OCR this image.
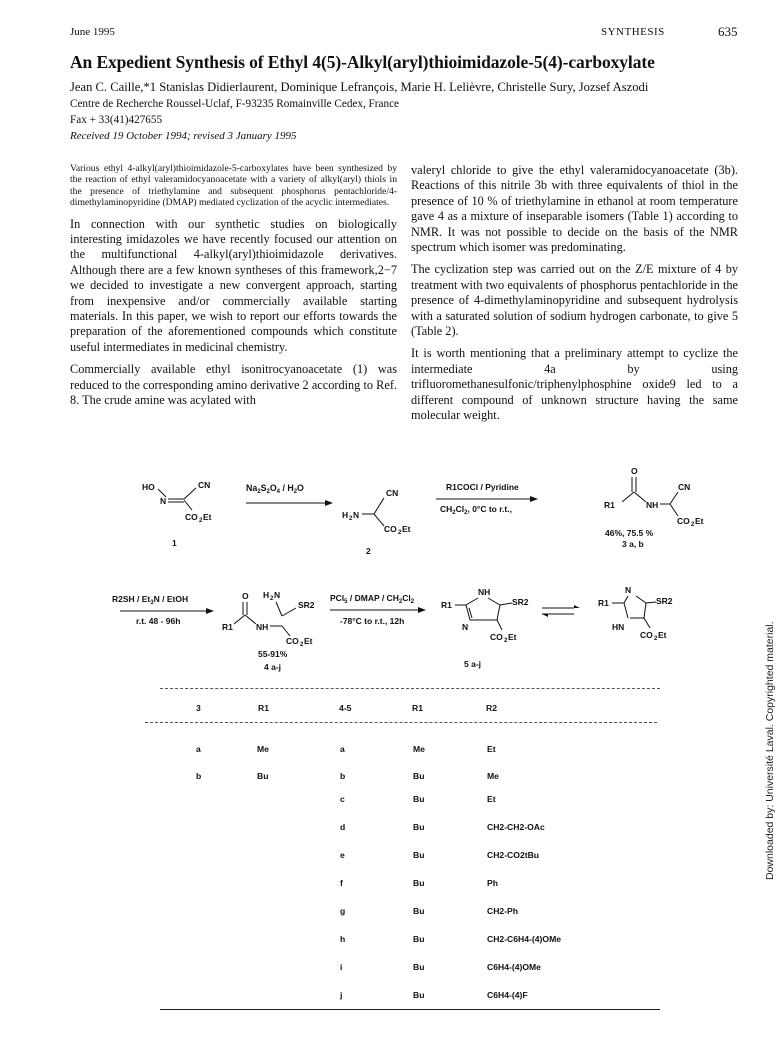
June 1995	SYNTHESIS	635
An Expedient Synthesis of Ethyl 4(5)-Alkyl(aryl)thioimidazole-5(4)-carboxylate
Jean C. Caille,*1 Stanislas Didierlaurent, Dominique Lefrançois, Marie H. Lelièvre, Christelle Sury, Jozsef Aszodi
Centre de Recherche Roussel-Uclaf, F-93235 Romainville Cedex, France
Fax + 33(41)427655
Received 19 October 1994; revised 3 January 1995
Various ethyl 4-alkyl(aryl)thioimidazole-5-carboxylates have been synthesized by the reaction of ethyl valeramidocyanoacetate with a variety of alkyl(aryl) thiols in the presence of triethylamine and subsequent phosphorus pentachloride/4-dimethylaminopyridine (DMAP) mediated cyclization of the acyclic intermediates.

In connection with our synthetic studies on biologically interesting imidazoles we have recently focused our attention on the multifunctional 4-alkyl(aryl)thioimidazole derivatives. Although there are a few known syntheses of this framework,2−7 we decided to investigate a new convergent approach, starting from inexpensive and/or commercially available starting materials. In this paper, we wish to report our efforts towards the preparation of the aforementioned compounds which constitute useful intermediates in medicinal chemistry.

Commercially available ethyl isonitrocyanoacetate (1) was reduced to the corresponding amino derivative 2 according to Ref. 8. The crude amine was acylated with

valeryl chloride to give the ethyl valeramidocyanoacetate (3b). Reactions of this nitrile 3b with three equivalents of thiol in the presence of 10 % of triethylamine in ethanol at room temperature gave 4 as a mixture of inseparable isomers (Table 1) according to NMR. It was not possible to decide on the basis of the NMR spectrum which isomer was predominating.

The cyclization step was carried out on the Z/E mixture of 4 by treatment with two equivalents of phosphorus pentachloride in the presence of 4-dimethylaminopyridine and subsequent hydrolysis with a saturated solution of sodium hydrogen carbonate, to give 5 (Table 2).

It is worth mentioning that a preliminary attempt to cyclize the intermediate 4a by using trifluoromethanesulfonic/triphenylphosphine oxide9 led to a different compound of unknown structure having the same molecular weight.

HO
N
CN
CO 2 Et
1
$Na_2S_2O_4 / H_2O$
H 2 N
CN
CO 2 Et
2
R1COCl / Pyridine
$CH_2Cl_2$, 0°C to r.t.,
O
R1	NH
CN
CO 2 Et
46%, 75.5 %
3 a, b
$R2SH / Et_3N$ / EtOH
r.t. 48 - 96h
O
R1	NH
H 2 N
SR2
CO 2 Et
55-91%
4 a-j
PCl$_5$ / DMAP / $CH_2Cl_2$
-78°C to r.t., 12h
R1
NH
N
SR2
CO 2 Et
5 a-j
R1
N
HN
SR2
CO 2 Et
3	R1	4-5	R1	R2
a	Me
b	Bu
a	Me	Et
b	Bu	Me
c	Bu	Et
d	Bu	CH2-CH2-OAc
e	Bu	CH2-CO2tBu
f	Bu	Ph
g	Bu	CH2-Ph
h	Bu	CH2-C6H4-(4)OMe
i	Bu	C6H4-(4)OMe
j	Bu	C6H4-(4)F
Downloaded by: Université Laval. Copyrighted material.
